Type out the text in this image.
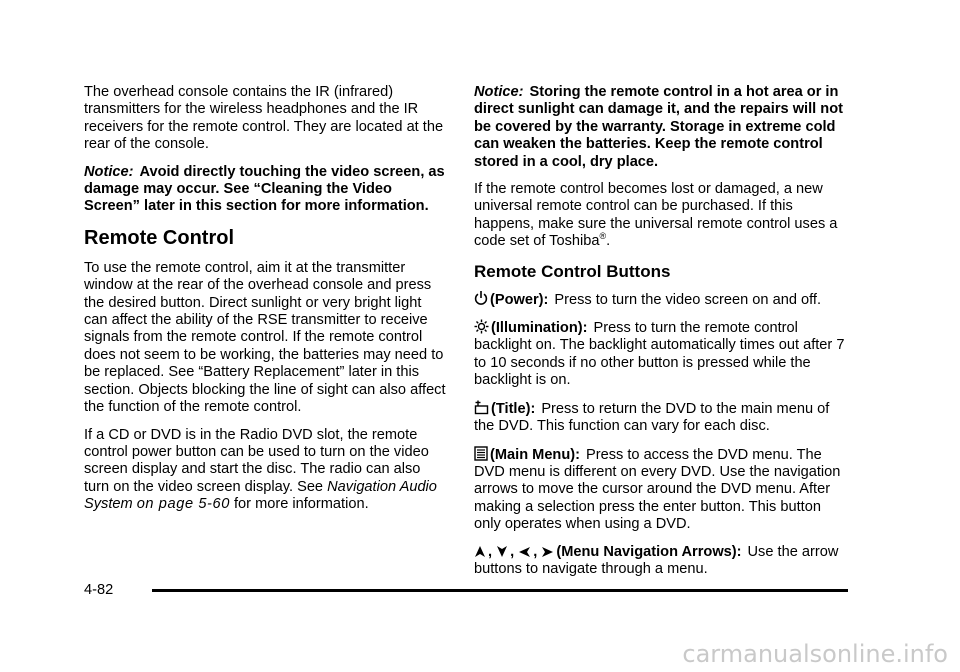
The overhead console contains the IR (infrared) transmitters for the wireless headphones and the IR receivers for the remote control. They are located at the rear of the console.

Notice: Avoid directly touching the video screen, as damage may occur. See “Cleaning the Video Screen” later in this section for more information.

Remote Control

To use the remote control, aim it at the transmitter window at the rear of the overhead console and press the desired button. Direct sunlight or very bright light can affect the ability of the RSE transmitter to receive signals from the remote control. If the remote control does not seem to be working, the batteries may need to be replaced. See “Battery Replacement” later in this section. Objects blocking the line of sight can also affect the function of the remote control.

If a CD or DVD is in the Radio DVD slot, the remote control power button can be used to turn on the video screen display and start the disc. The radio can also turn on the video screen display. See Navigation Audio System on page 5‑60 for more information.

Notice: Storing the remote control in a hot area or in direct sunlight can damage it, and the repairs will not be covered by the warranty. Storage in extreme cold can weaken the batteries. Keep the remote control stored in a cool, dry place.

If the remote control becomes lost or damaged, a new universal remote control can be purchased. If this happens, make sure the universal remote control uses a code set of Toshiba®.

Remote Control Buttons

(Power): Press to turn the video screen on and off.

(Illumination): Press to turn the remote control backlight on. The backlight automatically times out after 7 to 10 seconds if no other button is pressed while the backlight is on.

(Title): Press to return the DVD to the main menu of the DVD. This function can vary for each disc.

(Main Menu): Press to access the DVD menu. The DVD menu is different on every DVD. Use the navigation arrows to move the cursor around the DVD menu. After making a selection press the enter button. This button only operates when using a DVD.

, , , (Menu Navigation Arrows): Use the arrow buttons to navigate through a menu.

4-82
carmanualsonline.info
